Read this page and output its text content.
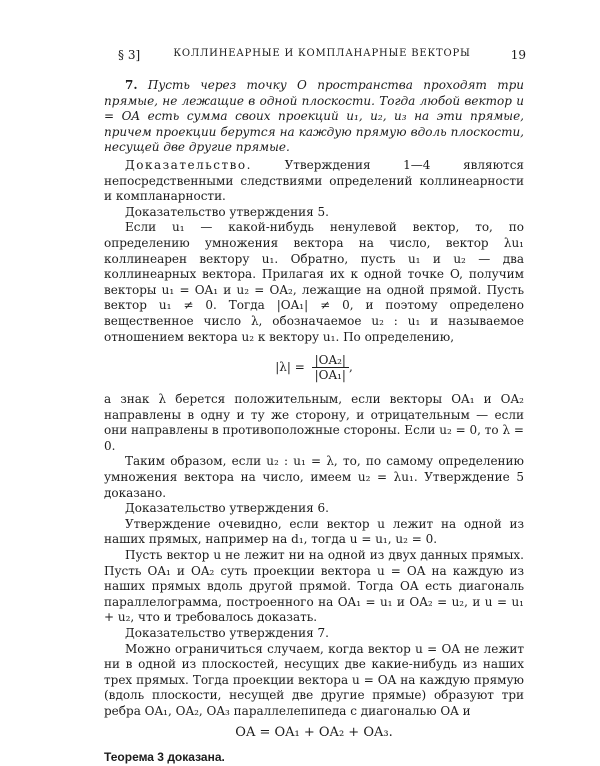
§ 3]	КОЛЛИНЕАРНЫЕ И КОМПЛАНАРНЫЕ ВЕКТОРЫ	19

7. Пусть через точку O пространства проходят три прямые, не лежащие в одной плоскости. Тогда любой вектор u = OA есть сумма своих проекций u₁, u₂, u₃ на эти прямые, причем проекции берутся на каждую прямую вдоль плоскости, несущей две другие прямые.

Доказательство.	Утверждения 1—4 являются непосредственными следствиями определений коллинеарности и компланарности.

Доказательство утверждения 5.

Если u₁ — какой-нибудь ненулевой вектор, то, по определению умножения вектора на число, вектор λu₁ коллинеарен вектору u₁. Обратно, пусть u₁ и u₂ — два коллинеарных вектора. Прилагая их к одной точке O, получим векторы u₁ = OA₁ и u₂ = OA₂, лежащие на одной прямой. Пусть вектор u₁ ≠ 0. Тогда |OA₁| ≠ 0, и поэтому определено вещественное число λ, обозначаемое u₂ : u₁ и называемое отношением вектора u₂ к вектору u₁. По определению,

$|\lambda| = \frac{\text{|OA₂|}}{\text{|OA₁|}}$ ,

а знак λ берется положительным, если векторы OA₁ и OA₂ направлены в одну и ту же сторону, и отрицательным — если они направлены в противоположные стороны. Если u₂ = 0, то λ = 0.

Таким образом, если u₂ : u₁ = λ, то, по самому определению умножения вектора на число, имеем u₂ = λu₁. Утверждение 5 доказано.

Доказательство утверждения 6.

Утверждение очевидно, если вектор u лежит на одной из наших прямых, например на d₁, тогда u = u₁, u₂ = 0.

Пусть вектор u не лежит ни на одной из двух данных прямых. Пусть OA₁ и OA₂ суть проекции вектора u = OA на каждую из наших прямых вдоль другой прямой. Тогда OA есть диагональ параллелограмма, построенного на OA₁ = u₁ и OA₂ = u₂, и u = u₁ + u₂, что и требовалось доказать.

Доказательство утверждения 7.

Можно ограничиться случаем, когда вектор u = OA не лежит ни в одной из плоскостей, несущих две какие-нибудь из наших трех прямых. Тогда проекции вектора u = OA на каждую прямую (вдоль плоскости, несущей две другие прямые) образуют три ребра OA₁, OA₂, OA₃ параллелепипеда с диагональю OA и

OA = OA₁ + OA₂ + OA₃.
Теорема 3 доказана.
